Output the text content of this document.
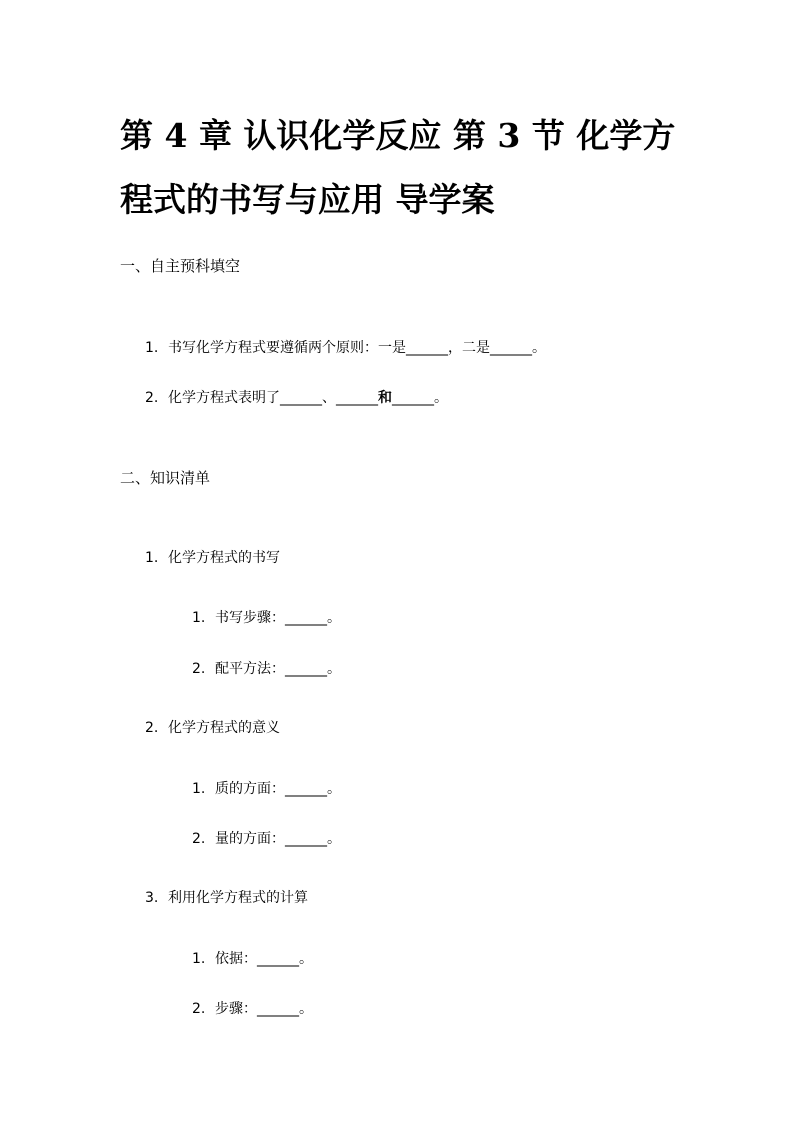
第 4 章 认识化学反应 第 3 节 化学方程式的书写与应用 导学案
一、自主预科填空
1. 书写化学方程式要遵循两个原则：一是______，二是______。
2. 化学方程式表明了______、______和______。
二、知识清单
1. 化学方程式的书写
1. 书写步骤：______。
2. 配平方法：______。
2. 化学方程式的意义
1. 质的方面：______。
2. 量的方面：______。
3. 利用化学方程式的计算
1. 依据：______。
2. 步骤：______。
